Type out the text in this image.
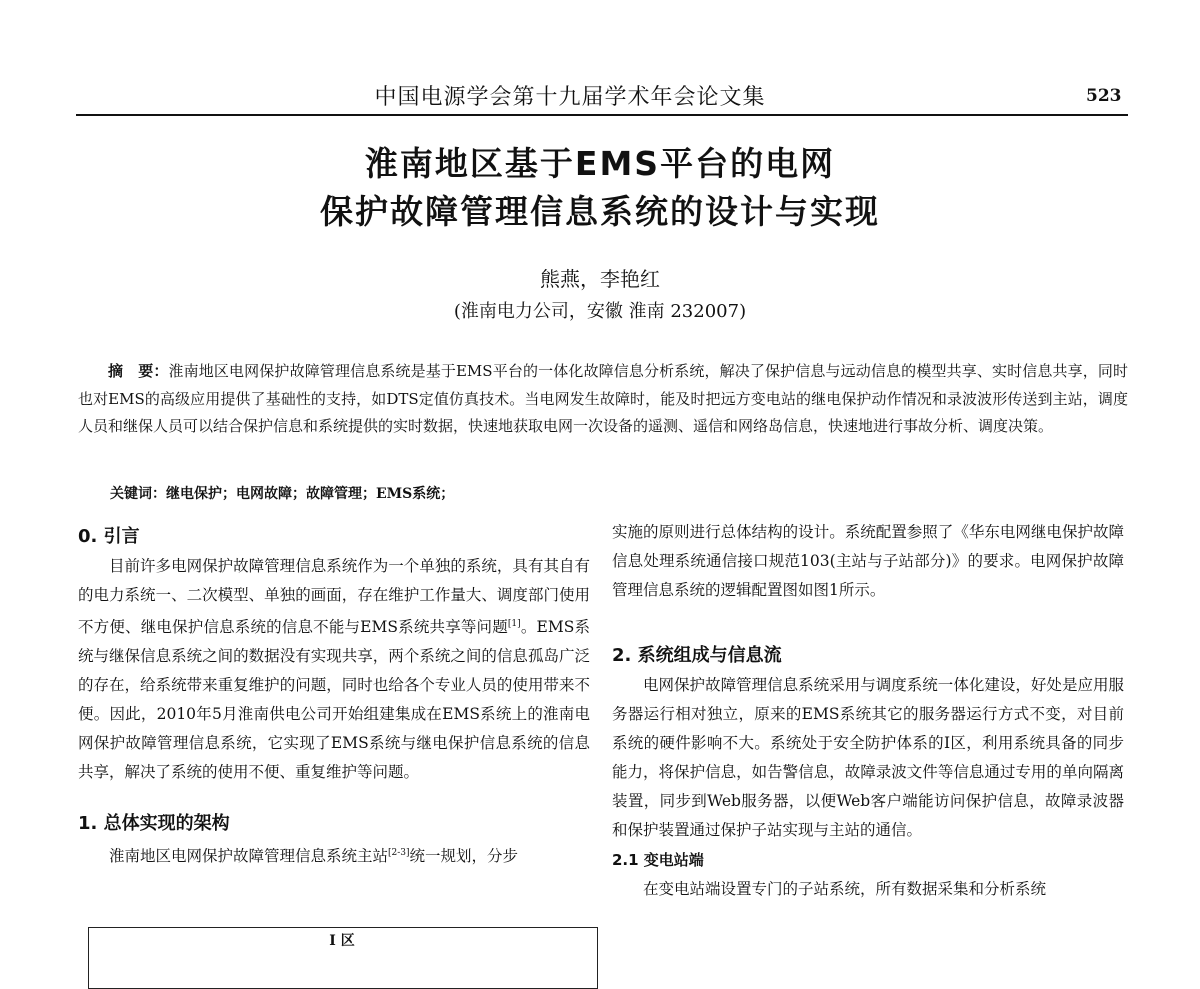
中国电源学会第十九届学术年会论文集	523
淮南地区基于EMS平台的电网
保护故障管理信息系统的设计与实现
熊燕，李艳红
(淮南电力公司，安徽 淮南 232007)
摘　要：淮南地区电网保护故障管理信息系统是基于EMS平台的一体化故障信息分析系统，解决了保护信息与远动信息的模型共享、实时信息共享，同时也对EMS的高级应用提供了基础性的支持，如DTS定值仿真技术。当电网发生故障时，能及时把远方变电站的继电保护动作情况和录波波形传送到主站，调度人员和继保人员可以结合保护信息和系统提供的实时数据，快速地获取电网一次设备的遥测、遥信和网络岛信息，快速地进行事故分析、调度决策。
关键词：继电保护；电网故障；故障管理；EMS系统；
0. 引言
目前许多电网保护故障管理信息系统作为一个单独的系统，具有其自有的电力系统一、二次模型、单独的画面，存在维护工作量大、调度部门使用不方便、继电保护信息系统的信息不能与EMS系统共享等问题[1]。EMS系统与继保信息系统之间的数据没有实现共享，两个系统之间的信息孤岛广泛的存在，给系统带来重复维护的问题，同时也给各个专业人员的使用带来不便。因此，2010年5月淮南供电公司开始组建集成在EMS系统上的淮南电网保护故障管理信息系统，它实现了EMS系统与继电保护信息系统的信息共享，解决了系统的使用不便、重复维护等问题。
1. 总体实现的架构
淮南地区电网保护故障管理信息系统主站[2-3]统一规划，分步
I 区
实施的原则进行总体结构的设计。系统配置参照了《华东电网继电保护故障信息处理系统通信接口规范103(主站与子站部分)》的要求。电网保护故障管理信息系统的逻辑配置图如图1所示。
2. 系统组成与信息流
电网保护故障管理信息系统采用与调度系统一体化建设，好处是应用服务器运行相对独立，原来的EMS系统其它的服务器运行方式不变，对目前系统的硬件影响不大。系统处于安全防护体系的I区，利用系统具备的同步能力，将保护信息，如告警信息，故障录波文件等信息通过专用的单向隔离装置，同步到Web服务器，以便Web客户端能访问保护信息，故障录波器和保护装置通过保护子站实现与主站的通信。
2.1 变电站端
在变电站端设置专门的子站系统，所有数据采集和分析系统
